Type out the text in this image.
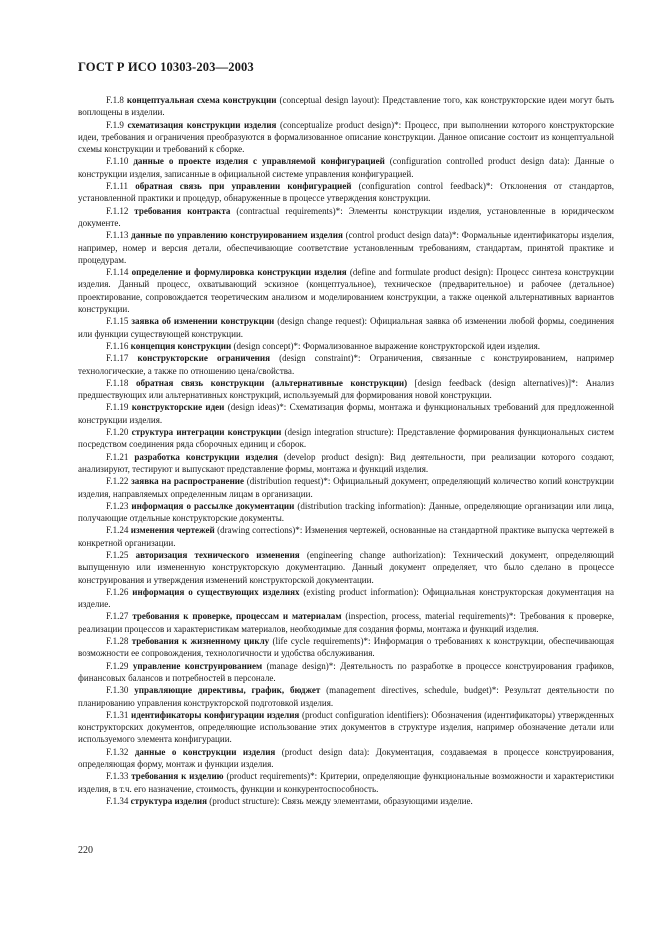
ГОСТ Р ИСО 10303-203—2003

F.1.8 концептуальная схема конструкции (conceptual design layout): Представление того, как конструкторские идеи могут быть воплощены в изделии.

F.1.9 схематизация конструкции изделия (conceptualize product design)*: Процесс, при выполнении которого конструкторские идеи, требования и ограничения преобразуются в формализованное описание конструкции. Данное описание состоит из концептуальной схемы конструкции и требований к сборке.

F.1.10 данные о проекте изделия с управляемой конфигурацией (configuration controlled product design data): Данные о конструкции изделия, записанные в официальной системе управления конфигурацией.

F.1.11 обратная связь при управлении конфигурацией (configuration control feedback)*: Отклонения от стандартов, установленной практики и процедур, обнаруженные в процессе утверждения конструкции.

F.1.12 требования контракта (contractual requirements)*: Элементы конструкции изделия, установленные в юридическом документе.

F.1.13 данные по управлению конструированием изделия (control product design data)*: Формальные идентификаторы изделия, например, номер и версия детали, обеспечивающие соответствие установленным требованиям, стандартам, принятой практике и процедурам.

F.1.14 определение и формулировка конструкции изделия (define and formulate product design): Процесс синтеза конструкции изделия. Данный процесс, охватывающий эскизное (концептуальное), техническое (предварительное) и рабочее (детальное) проектирование, сопровождается теоретическим анализом и моделированием конструкции, а также оценкой альтернативных вариантов конструкции.

F.1.15 заявка об изменении конструкции (design change request): Официальная заявка об изменении любой формы, соединения или функции существующей конструкции.

F.1.16 концепция конструкции (design concept)*: Формализованное выражение конструкторской идеи изделия.

F.1.17 конструкторские ограничения (design constraint)*: Ограничения, связанные с конструированием, например технологические, а также по отношению цена/свойства.

F.1.18 обратная связь конструкции (альтернативные конструкции) [design feedback (design alternatives)]*: Анализ предшествующих или альтернативных конструкций, используемый для формирования новой конструкции.

F.1.19 конструкторские идеи (design ideas)*: Схематизация формы, монтажа и функциональных требований для предложенной конструкции изделия.

F.1.20 структура интеграции конструкции (design integration structure): Представление формирования функциональных систем посредством соединения ряда сборочных единиц и сборок.

F.1.21 разработка конструкции изделия (develop product design): Вид деятельности, при реализации которого создают, анализируют, тестируют и выпускают представление формы, монтажа и функций изделия.

F.1.22 заявка на распространение (distribution request)*: Официальный документ, определяющий количество копий конструкции изделия, направляемых определенным лицам в организации.

F.1.23 информация о рассылке документации (distribution tracking information): Данные, определяющие организации или лица, получающие отдельные конструкторские документы.

F.1.24 изменения чертежей (drawing corrections)*: Изменения чертежей, основанные на стандартной практике выпуска чертежей в конкретной организации.

F.1.25 авторизация технического изменения (engineering change authorization): Технический документ, определяющий выпущенную или измененную конструкторскую документацию. Данный документ определяет, что было сделано в процессе конструирования и утверждения изменений конструкторской документации.

F.1.26 информация о существующих изделиях (existing product information): Официальная конструкторская документация на изделие.

F.1.27 требования к проверке, процессам и материалам (inspection, process, material requirements)*: Требования к проверке, реализации процессов и характеристикам материалов, необходимые для создания формы, монтажа и функций изделия.

F.1.28 требования к жизненному циклу (life cycle requirements)*: Информация о требованиях к конструкции, обеспечивающая возможности ее сопровождения, технологичности и удобства обслуживания.

F.1.29 управление конструированием (manage design)*: Деятельность по разработке в процессе конструирования графиков, финансовых балансов и потребностей в персонале.

F.1.30 управляющие директивы, график, бюджет (management directives, schedule, budget)*: Результат деятельности по планированию управления конструкторской подготовкой изделия.

F.1.31 идентификаторы конфигурации изделия (product configuration identifiers): Обозначения (идентификаторы) утвержденных конструкторских документов, определяющие использование этих документов в структуре изделия, например обозначение детали или используемого элемента конфигурации.

F.1.32 данные о конструкции изделия (product design data): Документация, создаваемая в процессе конструирования, определяющая форму, монтаж и функции изделия.

F.1.33 требования к изделию (product requirements)*: Критерии, определяющие функциональные возможности и характеристики изделия, в т.ч. его назначение, стоимость, функции и конкурентоспособность.

F.1.34 структура изделия (product structure): Связь между элементами, образующими изделие.

220
